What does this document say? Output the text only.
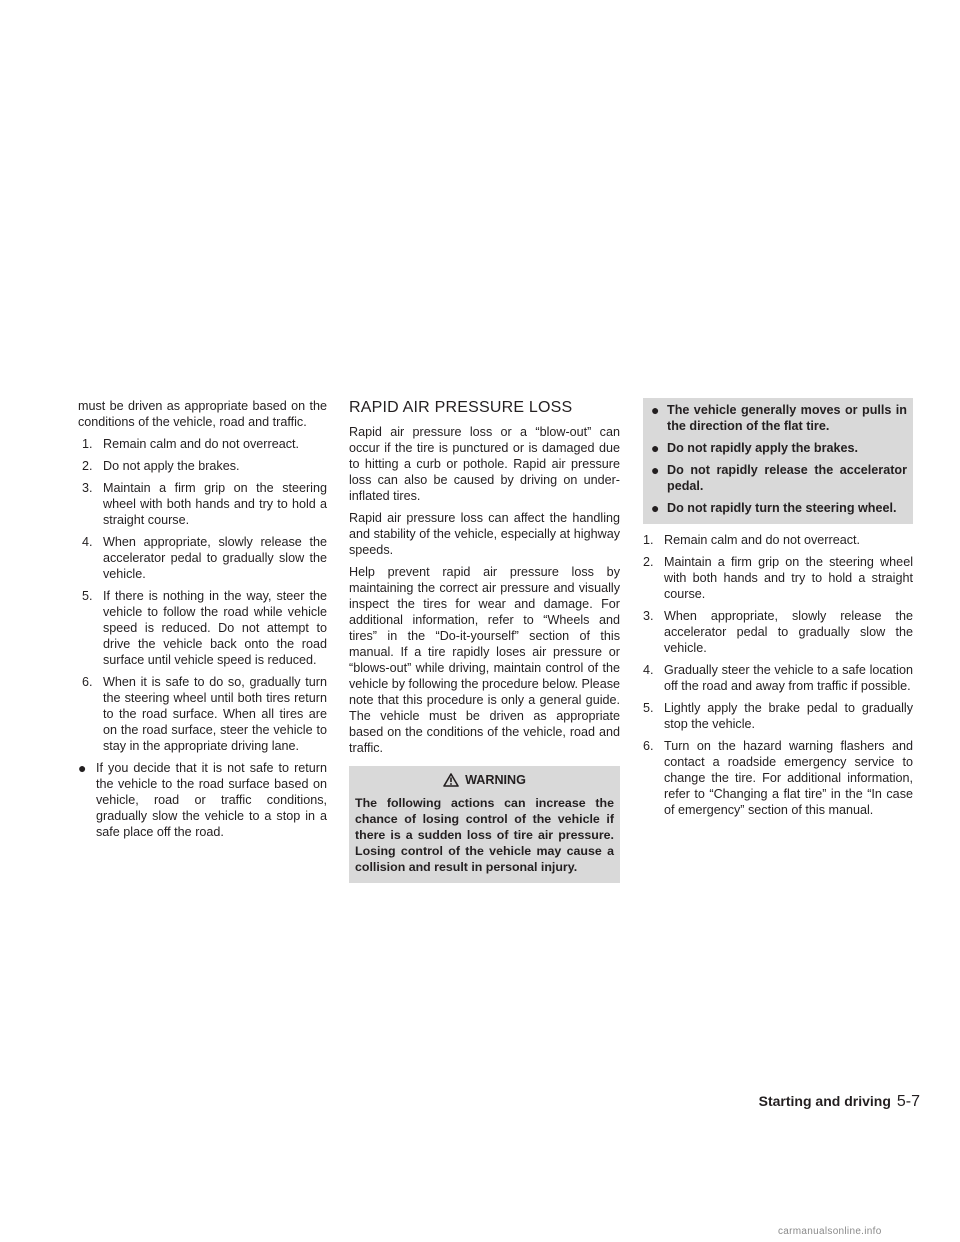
must be driven as appropriate based on the conditions of the vehicle, road and traffic.

1. Remain calm and do not overreact.
2. Do not apply the brakes.
3. Maintain a firm grip on the steering wheel with both hands and try to hold a straight course.
4. When appropriate, slowly release the accelerator pedal to gradually slow the vehicle.
5. If there is nothing in the way, steer the vehicle to follow the road while vehicle speed is reduced. Do not attempt to drive the vehicle back onto the road surface until vehicle speed is reduced.
6. When it is safe to do so, gradually turn the steering wheel until both tires return to the road surface. When all tires are on the road surface, steer the vehicle to stay in the appropriate driving lane.
● If you decide that it is not safe to return the vehicle to the road surface based on vehicle, road or traffic conditions, gradually slow the vehicle to a stop in a safe place off the road.
RAPID AIR PRESSURE LOSS

Rapid air pressure loss or a “blow-out” can occur if the tire is punctured or is damaged due to hitting a curb or pothole. Rapid air pressure loss can also be caused by driving on under-inflated tires.

Rapid air pressure loss can affect the handling and stability of the vehicle, especially at highway speeds.

Help prevent rapid air pressure loss by maintaining the correct air pressure and visually inspect the tires for wear and damage. For additional information, refer to “Wheels and tires” in the “Do-it-yourself” section of this manual. If a tire rapidly loses air pressure or “blows-out” while driving, maintain control of the vehicle by following the procedure below. Please note that this procedure is only a general guide. The vehicle must be driven as appropriate based on the conditions of the vehicle, road and traffic.

WARNING
The following actions can increase the chance of losing control of the vehicle if there is a sudden loss of tire air pressure. Losing control of the vehicle may cause a collision and result in personal injury.
● The vehicle generally moves or pulls in the direction of the flat tire.
● Do not rapidly apply the brakes.
● Do not rapidly release the accelerator pedal.
● Do not rapidly turn the steering wheel.
1. Remain calm and do not overreact.
2. Maintain a firm grip on the steering wheel with both hands and try to hold a straight course.
3. When appropriate, slowly release the accelerator pedal to gradually slow the vehicle.
4. Gradually steer the vehicle to a safe location off the road and away from traffic if possible.
5. Lightly apply the brake pedal to gradually stop the vehicle.
6. Turn on the hazard warning flashers and contact a roadside emergency service to change the tire. For additional information, refer to “Changing a flat tire” in the “In case of emergency” section of this manual.
Starting and driving 5-7
carmanualsonline.info
